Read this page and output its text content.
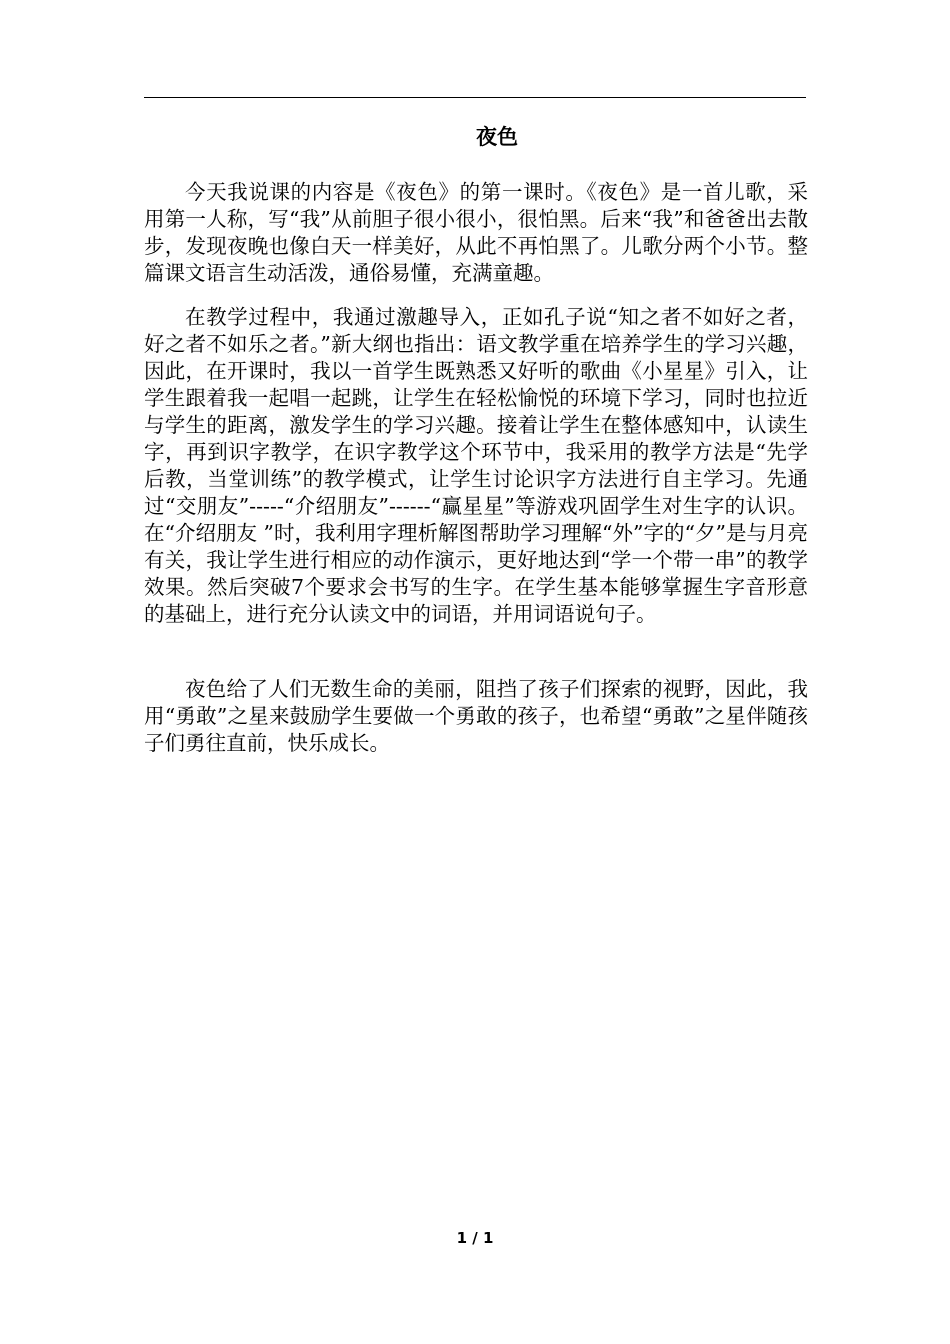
夜色

今天我说课的内容是《夜色》的第一课时。《夜色》是一首儿歌，采用第一人称，写“我”从前胆子很小很小，很怕黑。后来“我”和爸爸出去散步，发现夜晚也像白天一样美好，从此不再怕黑了。儿歌分两个小节。整篇课文语言生动活泼，通俗易懂，充满童趣。

在教学过程中，我通过激趣导入，正如孔子说“知之者不如好之者，好之者不如乐之者。”新大纲也指出：语文教学重在培养学生的学习兴趣，因此，在开课时，我以一首学生既熟悉又好听的歌曲《小星星》引入，让学生跟着我一起唱一起跳，让学生在轻松愉悦的环境下学习，同时也拉近与学生的距离，激发学生的学习兴趣。接着让学生在整体感知中，认读生字，再到识字教学，在识字教学这个环节中，我采用的教学方法是“先学后教，当堂训练”的教学模式，让学生讨论识字方法进行自主学习。先通过“交朋友”-----“介绍朋友”------“赢星星”等游戏巩固学生对生字的认识。在“介绍朋友 ”时，我利用字理析解图帮助学习理解“外”字的“夕”是与月亮有关，我让学生进行相应的动作演示，更好地达到“学一个带一串”的教学效果。然后突破7个要求会书写的生字。在学生基本能够掌握生字音形意的基础上，进行充分认读文中的词语，并用词语说句子。

夜色给了人们无数生命的美丽，阻挡了孩子们探索的视野，因此，我用“勇敢”之星来鼓励学生要做一个勇敢的孩子，也希望“勇敢”之星伴随孩子们勇往直前，快乐成长。

1 / 1
